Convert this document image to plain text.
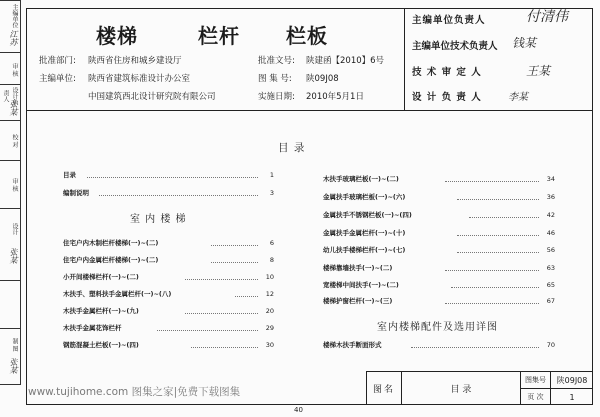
主编单位
江苏
审 核
设计负责人
张某
校 对
审 核
设计
张某
制 图
张某
楼梯	栏杆 栏板
批准部门: 陕西省住房和城乡建设厅
主编单位: 陕西省建筑标准设计办公室
中国建筑西北设计研究院有限公司
批准文号: 陕建函【2010】6号
图 集 号: 陕09J08
实施日期: 2010年5月1日
主编单位负责人	付清伟
主编单位技术负责人 钱某
技 术 审 定 人	王某
设 计 负 责 人	李某
目 录
目录	1
编制说明	3
室 内 楼 梯
住宅户内木制栏杆楼梯(一)~(二)	6
住宅户内金属栏杆楼梯(一)~(二)	8
小开间楼梯栏杆(一)~(二)	10
木扶手、塑料扶手金属栏杆(一)~(八)	12
木扶手金属栏杆(一)~(九)	20
木扶手金属花饰栏杆	29
钢筋混凝土栏板(一)~(四)	30
木扶手玻璃栏板(一)~(二)	34
金属扶手玻璃栏板(一)~(六)	36
金属扶手不锈钢栏板(一)~(四)	42
金属扶手金属栏杆(一)~(十)	46
幼儿扶手楼梯栏杆(一)~(七)	56
楼梯靠墙扶手(一)~(二)	63
宽楼梯中间扶手(一)~(二)	65
楼梯护窗栏杆(一)~(三)	67
室内楼梯配件及选用详图
楼梯木扶手断面形式	70
图名	目 录
图集号	陕09J08
页 次	1
www.tujihome.com 图集之家|免费下载图集
40
